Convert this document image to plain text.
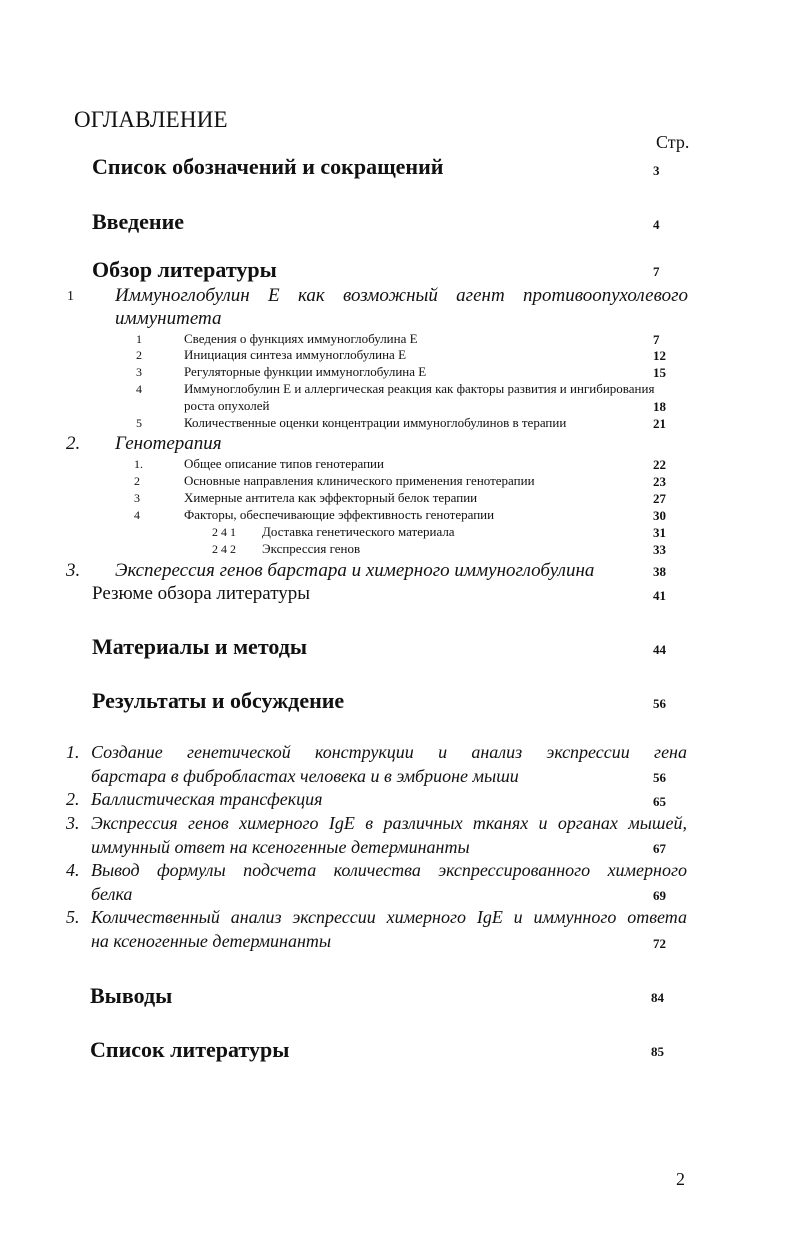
ОГЛАВЛЕНИЕ
Стр.
Список обозначений и сокращений	3
Введение	4
Обзор литературы	7
1 Иммуноглобулин Е как возможный агент противоопухолевого
иммунитета
1	Сведения о функциях иммуноглобулина Е	7
2	Инициация синтеза иммуноглобулина Е	12
3	Регуляторные функции иммуноглобулина Е	15
4	Иммуноглобулин Е и аллергическая реакция как факторы развития и ингибирования
роста опухолей	18
5	Количественные оценки концентрации иммуноглобулинов в терапии	21
2. Генотерапия
1.	Общее описание типов генотерапии	22
2	Основные направления клинического применения генотерапии	23
3	Химерные антитела как эффекторный белок терапии	27
4	Факторы, обеспечивающие эффективность генотерапии	30
2 4 1 Доставка генетического материала	31
2 4 2 Экспрессия генов	33
3. Эксперессия генов барстара и химерного иммуноглобулина	38
Резюме обзора литературы	41
Материалы и методы	44
Результаты и обсуждение	56
1. Создание генетической конструкции и анализ экспрессии гена
барстара в фибробластах человека и в эмбрионе мыши	56
2. Баллистическая трансфекция	65
3. Экспрессия генов химерного IgE в различных тканях и органах мышей,
иммунный ответ на ксеногенные детерминанты	67
4. Вывод формулы подсчета количества экспрессированного химерного
белка	69
5. Количественный анализ экспрессии химерного IgE и иммунного ответа
на ксеногенные детерминанты	72
Выводы	84
Список литературы	85
2
